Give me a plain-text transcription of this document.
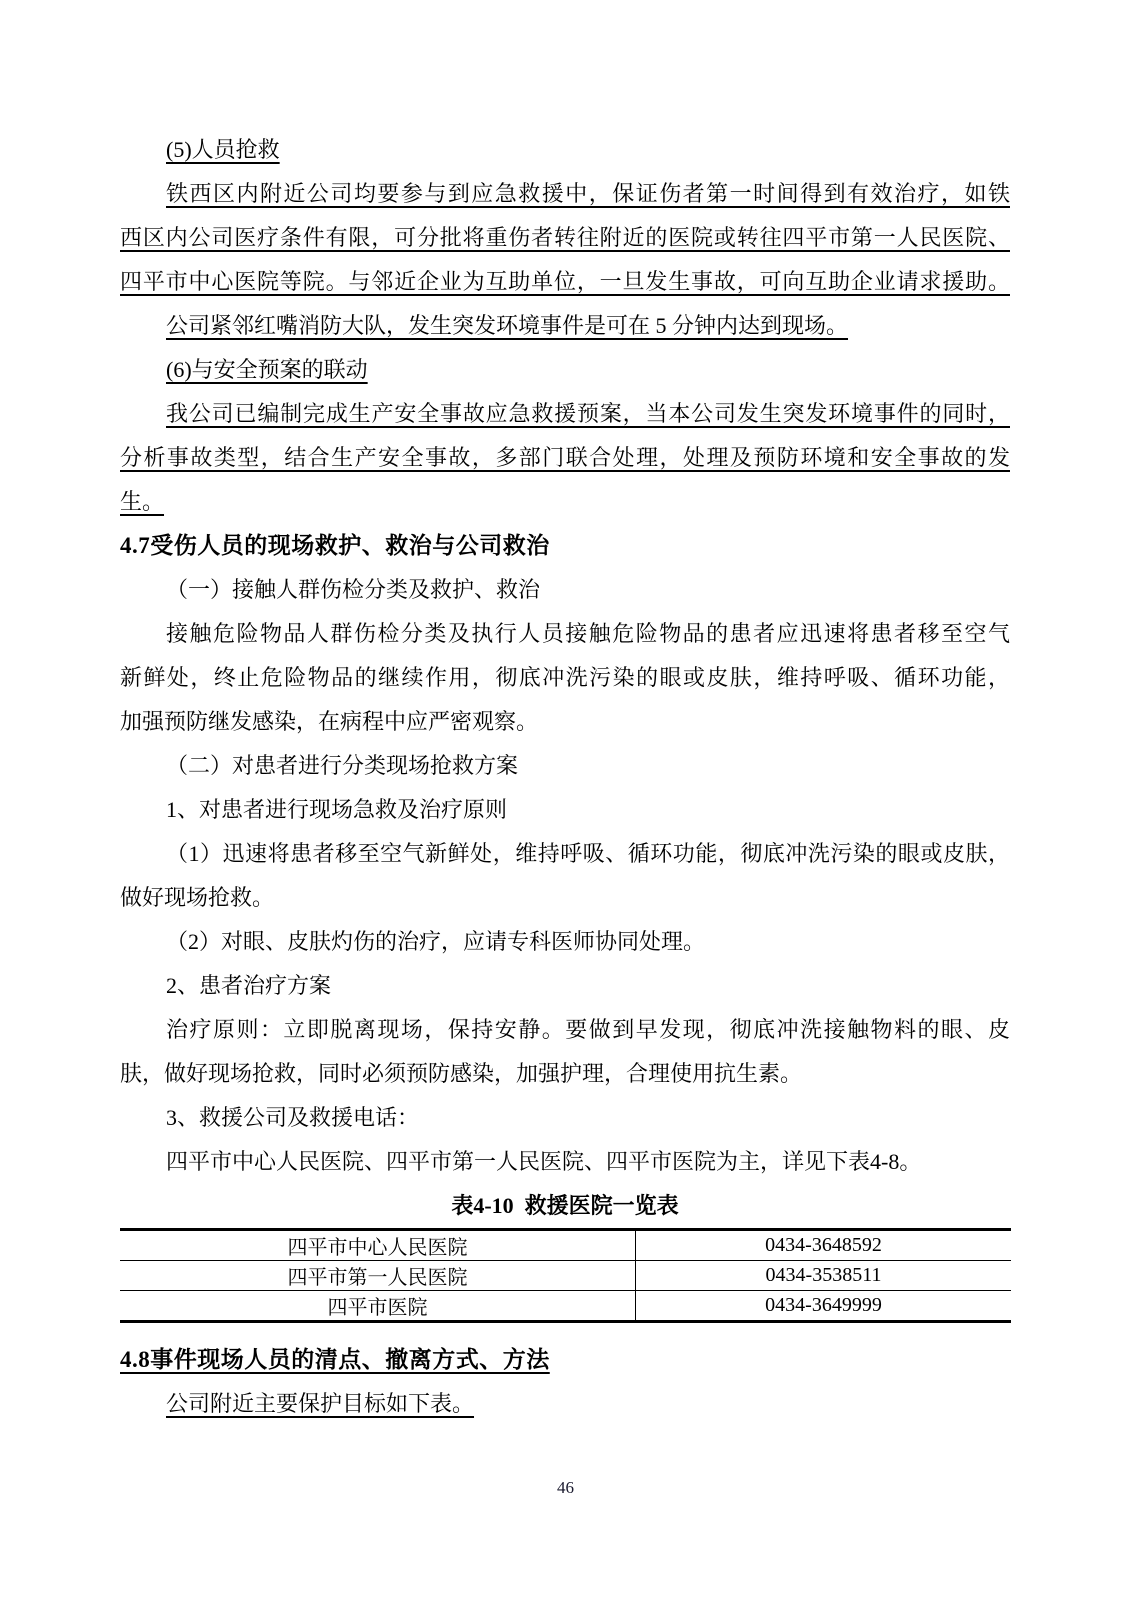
(5)人员抢救

铁西区内附近公司均要参与到应急救援中，保证伤者第一时间得到有效治疗，如铁

西区内公司医疗条件有限，可分批将重伤者转往附近的医院或转往四平市第一人民医院、

四平市中心医院等院。与邻近企业为互助单位，一旦发生事故，可向互助企业请求援助。

公司紧邻红嘴消防大队，发生突发环境事件是可在 5 分钟内达到现场。

(6)与安全预案的联动

我公司已编制完成生产安全事故应急救援预案，当本公司发生突发环境事件的同时，

分析事故类型，结合生产安全事故，多部门联合处理，处理及预防环境和安全事故的发

生。

4.7受伤人员的现场救护、救治与公司救治

（一）接触人群伤检分类及救护、救治

接触危险物品人群伤检分类及执行人员接触危险物品的患者应迅速将患者移至空气

新鲜处，终止危险物品的继续作用，彻底冲洗污染的眼或皮肤，维持呼吸、循环功能，

加强预防继发感染，在病程中应严密观察。

（二）对患者进行分类现场抢救方案

1、对患者进行现场急救及治疗原则

（1）迅速将患者移至空气新鲜处，维持呼吸、循环功能，彻底冲洗污染的眼或皮肤，

做好现场抢救。

（2）对眼、皮肤灼伤的治疗，应请专科医师协同处理。

2、患者治疗方案

治疗原则：立即脱离现场，保持安静。要做到早发现，彻底冲洗接触物料的眼、皮

肤，做好现场抢救，同时必须预防感染，加强护理，合理使用抗生素。

3、救援公司及救援电话：

四平市中心人民医院、四平市第一人民医院、四平市医院为主，详见下表4-8。

表4-10  救援医院一览表

四平市中心人民医院	0434-3648592
四平市第一人民医院	0434-3538511
四平市医院	0434-3649999

4.8事件现场人员的清点、撤离方式、方法

公司附近主要保护目标如下表。

46
